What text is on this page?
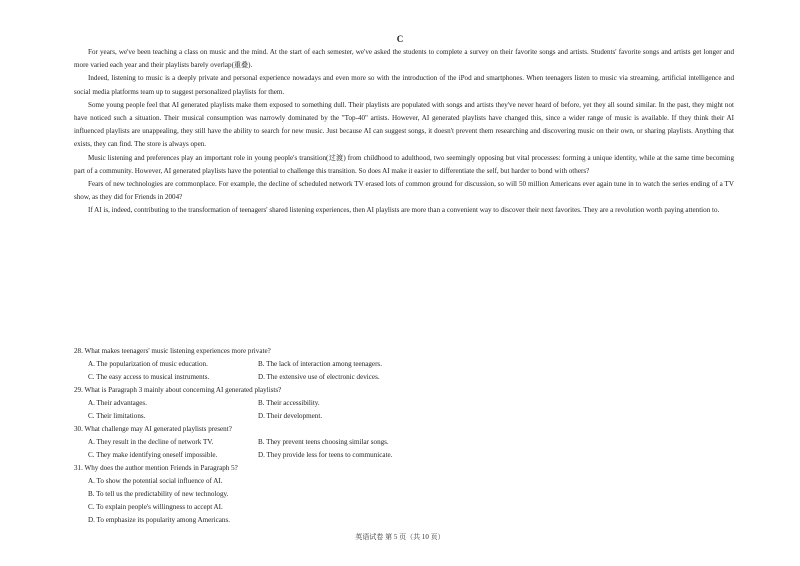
C

For years, we've been teaching a class on music and the mind. At the start of each semester, we've asked the students to complete a survey on their favorite songs and artists. Students' favorite songs and artists get longer and more varied each year and their playlists barely overlap(重叠).

Indeed, listening to music is a deeply private and personal experience nowadays and even more so with the introduction of the iPod and smartphones. When teenagers listen to music via streaming, artificial intelligence and social media platforms team up to suggest personalized playlists for them.

Some young people feel that AI generated playlists make them exposed to something dull. Their playlists are populated with songs and artists they've never heard of before, yet they all sound similar. In the past, they might not have noticed such a situation. Their musical consumption was narrowly dominated by the "Top-40" artists. However, AI generated playlists have changed this, since a wider range of music is available. If they think their AI influenced playlists are unappealing, they still have the ability to search for new music. Just because AI can suggest songs, it doesn't prevent them researching and discovering music on their own, or sharing playlists. Anything that exists, they can find. The store is always open.

Music listening and preferences play an important role in young people's transition(过渡) from childhood to adulthood, two seemingly opposing but vital processes: forming a unique identity, while at the same time becoming part of a community. However, AI generated playlists have the potential to challenge this transition. So does AI make it easier to differentiate the self, but harder to bond with others?

Fears of new technologies are commonplace. For example, the decline of scheduled network TV erased lots of common ground for discussion, so will 50 million Americans ever again tune in to watch the series ending of a TV show, as they did for Friends in 2004?

If AI is, indeed, contributing to the transformation of teenagers' shared listening experiences, then AI playlists are more than a convenient way to discover their next favorites. They are a revolution worth paying attention to.

28. What makes teenagers' music listening experiences more private?
A. The popularization of music education.	B. The lack of interaction among teenagers.
C. The easy access to musical instruments.	D. The extensive use of electronic devices.
29. What is Paragraph 3 mainly about concerning AI generated playlists?
A. Their advantages.	B. Their accessibility.
C. Their limitations.	D. Their development.
30. What challenge may AI generated playlists present?
A. They result in the decline of network TV.	B. They prevent teens choosing similar songs.
C. They make identifying oneself impossible.	D. They provide less for teens to communicate.
31. Why does the author mention Friends in Paragraph 5?
A. To show the potential social influence of AI.
B. To tell us the predictability of new technology.
C. To explain people's willingness to accept AI.
D. To emphasize its popularity among Americans.
英语试卷 第 5 页（共 10 页）
